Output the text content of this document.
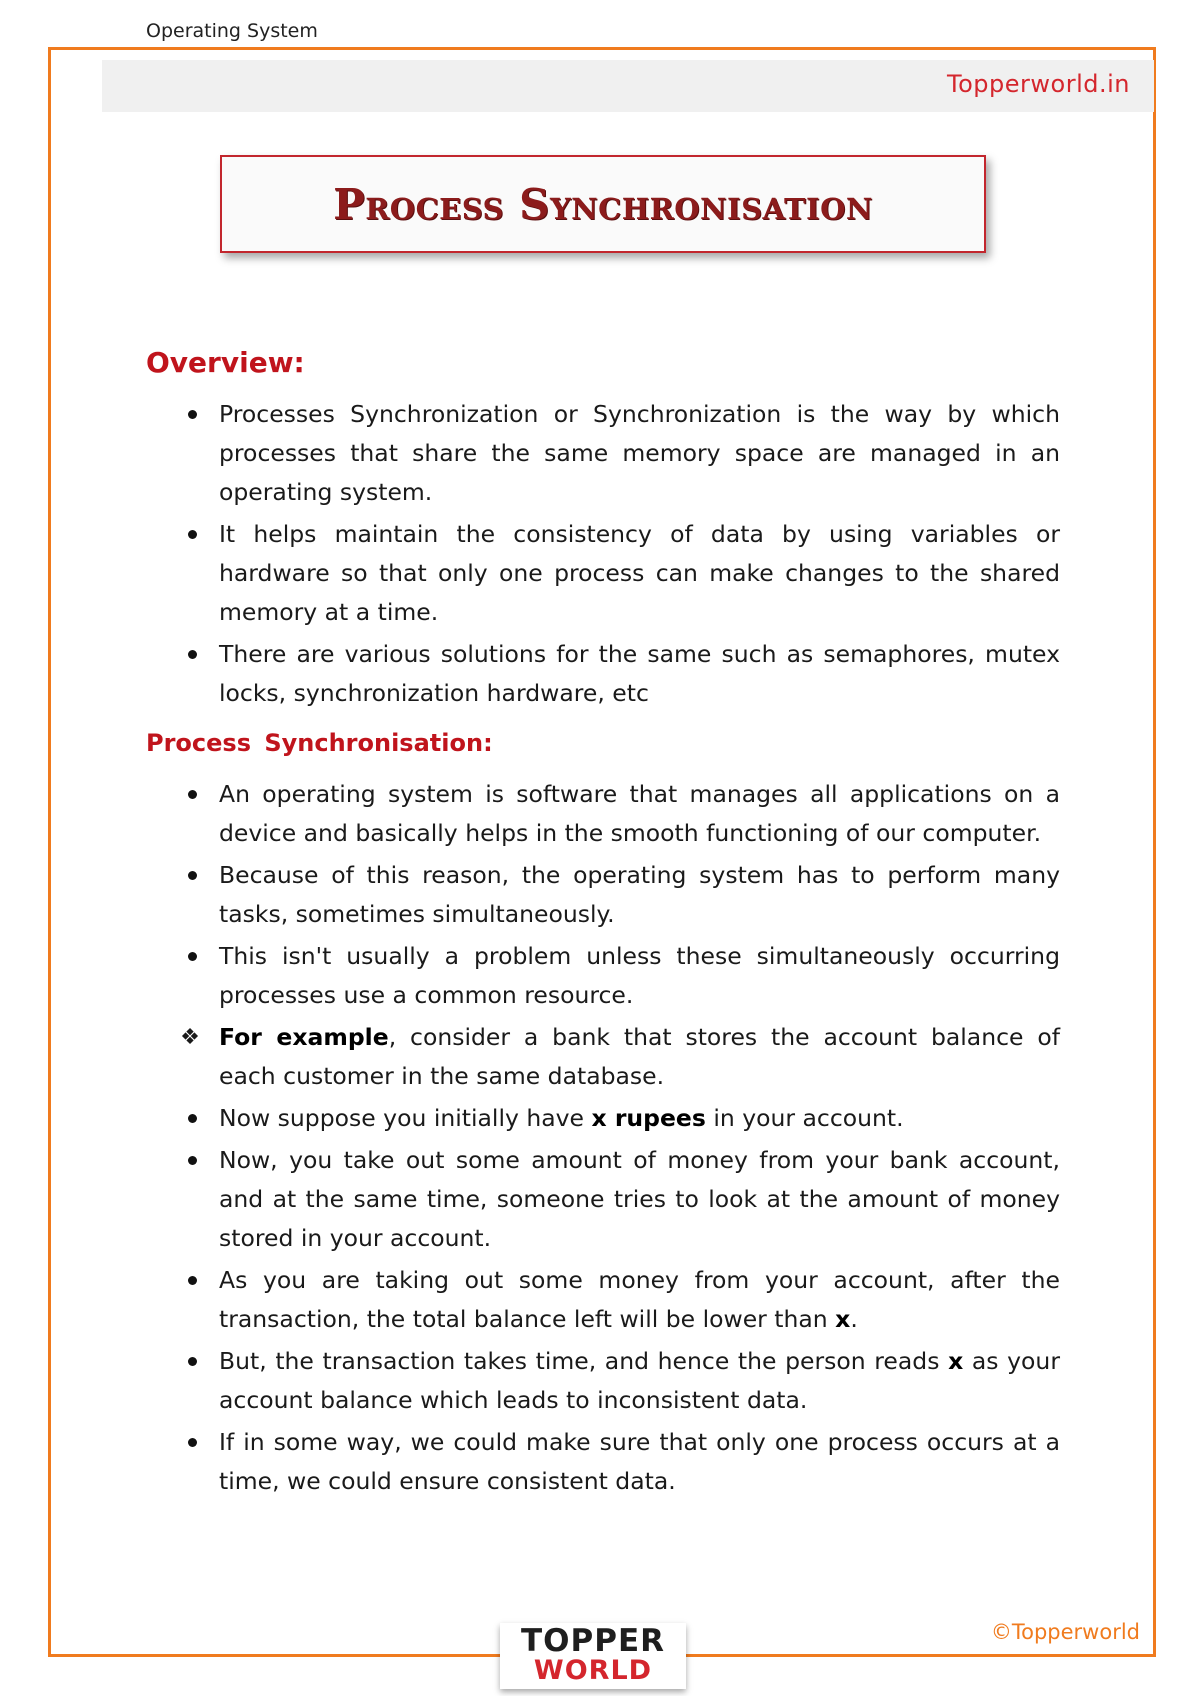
Operating System
Topperworld.in
Process Synchronisation
Overview:
Processes Synchronization or Synchronization is the way by which processes that share the same memory space are managed in an operating system.
It helps maintain the consistency of data by using variables or hardware so that only one process can make changes to the shared memory at a time.
There are various solutions for the same such as semaphores, mutex locks, synchronization hardware, etc
Process Synchronisation:
An operating system is software that manages all applications on a device and basically helps in the smooth functioning of our computer.
Because of this reason, the operating system has to perform many tasks, sometimes simultaneously.
This isn't usually a problem unless these simultaneously occurring processes use a common resource.
❖ For example, consider a bank that stores the account balance of each customer in the same database.
Now suppose you initially have x rupees in your account.
Now, you take out some amount of money from your bank account, and at the same time, someone tries to look at the amount of money stored in your account.
As you are taking out some money from your account, after the transaction, the total balance left will be lower than x.
But, the transaction takes time, and hence the person reads x as your account balance which leads to inconsistent data.
If in some way, we could make sure that only one process occurs at a time, we could ensure consistent data.
TOPPER
WORLD
©Topperworld
